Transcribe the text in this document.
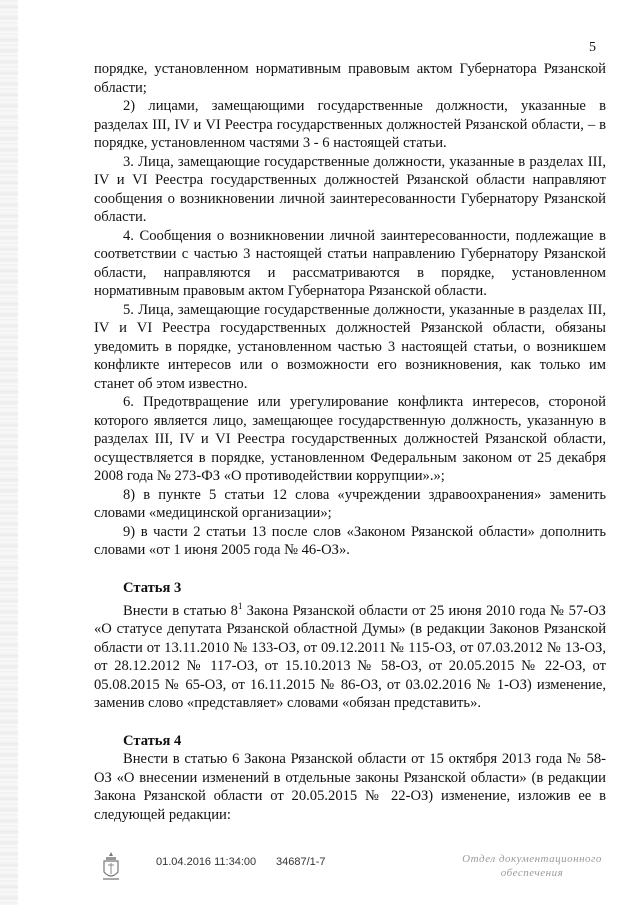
5

порядке, установленном нормативным правовым актом Губернатора Рязанской области;

2) лицами, замещающими государственные должности, указанные в разделах III, IV и VI Реестра государственных должностей Рязанской области, – в порядке, установленном частями 3 - 6 настоящей статьи.

3. Лица, замещающие государственные должности, указанные в разделах III, IV и VI Реестра государственных должностей Рязанской области направляют сообщения о возникновении личной заинтересованности Губернатору Рязанской области.

4. Сообщения о возникновении личной заинтересованности, подлежащие в соответствии с частью 3 настоящей статьи направлению Губернатору Рязанской области, направляются и рассматриваются в порядке, установленном нормативным правовым актом Губернатора Рязанской области.

5. Лица, замещающие государственные должности, указанные в разделах III, IV и VI Реестра государственных должностей Рязанской области, обязаны уведомить в порядке, установленном частью 3 настоящей статьи, о возникшем конфликте интересов или о возможности его возникновения, как только им станет об этом известно.

6. Предотвращение или урегулирование конфликта интересов, стороной которого является лицо, замещающее государственную должность, указанную в разделах III, IV и VI Реестра государственных должностей Рязанской области, осуществляется в порядке, установленном Федеральным законом от 25 декабря 2008 года № 273-ФЗ «О противодействии коррупции».»;

8) в пункте 5 статьи 12 слова «учреждении здравоохранения» заменить словами «медицинской организации»;

9) в части 2 статьи 13 после слов «Законом Рязанской области» дополнить словами «от 1 июня 2005 года № 46-ОЗ».

Статья 3

Внести в статью $8^1$ Закона Рязанской области от 25 июня 2010 года № 57-ОЗ «О статусе депутата Рязанской областной Думы» (в редакции Законов Рязанской области от 13.11.2010 № 133-ОЗ, от 09.12.2011 № 115-ОЗ, от 07.03.2012 № 13-ОЗ, от 28.12.2012 № 117-ОЗ, от 15.10.2013 № 58-ОЗ, от 20.05.2015 № 22-ОЗ, от 05.08.2015 № 65-ОЗ, от 16.11.2015 № 86-ОЗ, от 03.02.2016 № 1-ОЗ) изменение, заменив слово «представляет» словами «обязан представить».

Статья 4

Внести в статью 6 Закона Рязанской области от 15 октября 2013 года № 58-ОЗ «О внесении изменений в отдельные законы Рязанской области» (в редакции Закона Рязанской области от 20.05.2015 № 22-ОЗ) изменение, изложив ее в следующей редакции:

01.04.2016 11:34:00 34687/1-7	Отдел документационного
обеспечения
